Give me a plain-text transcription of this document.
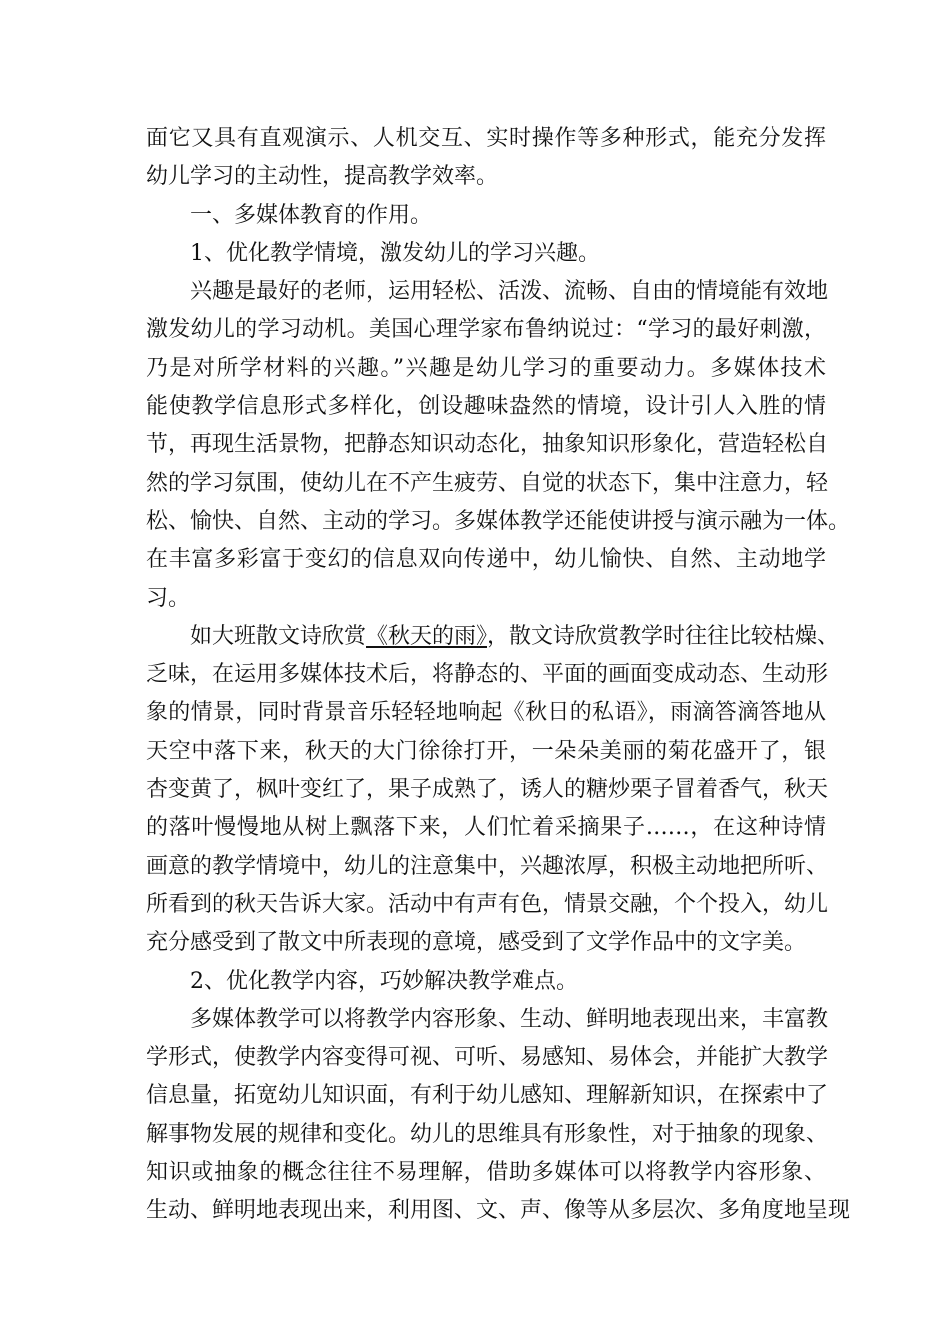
面它又具有直观演示、人机交互、实时操作等多种形式，能充分发挥
幼儿学习的主动性，提高教学效率。
一、多媒体教育的作用。
1、优化教学情境，激发幼儿的学习兴趣。
兴趣是最好的老师，运用轻松、活泼、流畅、自由的情境能有效地
激发幼儿的学习动机。美国心理学家布鲁纳说过：“学习的最好刺激，
乃是对所学材料的兴趣。”兴趣是幼儿学习的重要动力。多媒体技术
能使教学信息形式多样化，创设趣味盎然的情境，设计引人入胜的情
节，再现生活景物，把静态知识动态化，抽象知识形象化，营造轻松自
然的学习氛围，使幼儿在不产生疲劳、自觉的状态下，集中注意力，轻
松、愉快、自然、主动的学习。多媒体教学还能使讲授与演示融为一体。
在丰富多彩富于变幻的信息双向传递中，幼儿愉快、自然、主动地学
习。
如大班散文诗欣赏《秋天的雨》，散文诗欣赏教学时往往比较枯燥、
乏味，在运用多媒体技术后，将静态的、平面的画面变成动态、生动形
象的情景，同时背景音乐轻轻地响起《秋日的私语》，雨滴答滴答地从
天空中落下来，秋天的大门徐徐打开，一朵朵美丽的菊花盛开了，银
杏变黄了，枫叶变红了，果子成熟了，诱人的糖炒栗子冒着香气，秋天
的落叶慢慢地从树上飘落下来，人们忙着采摘果子……，在这种诗情
画意的教学情境中，幼儿的注意集中，兴趣浓厚，积极主动地把所听、
所看到的秋天告诉大家。活动中有声有色，情景交融，个个投入，幼儿
充分感受到了散文中所表现的意境，感受到了文学作品中的文字美。
2、优化教学内容，巧妙解决教学难点。
多媒体教学可以将教学内容形象、生动、鲜明地表现出来，丰富教
学形式，使教学内容变得可视、可听、易感知、易体会，并能扩大教学
信息量，拓宽幼儿知识面，有利于幼儿感知、理解新知识，在探索中了
解事物发展的规律和变化。幼儿的思维具有形象性，对于抽象的现象、
知识或抽象的概念往往不易理解，借助多媒体可以将教学内容形象、
生动、鲜明地表现出来，利用图、文、声、像等从多层次、多角度地呈现
